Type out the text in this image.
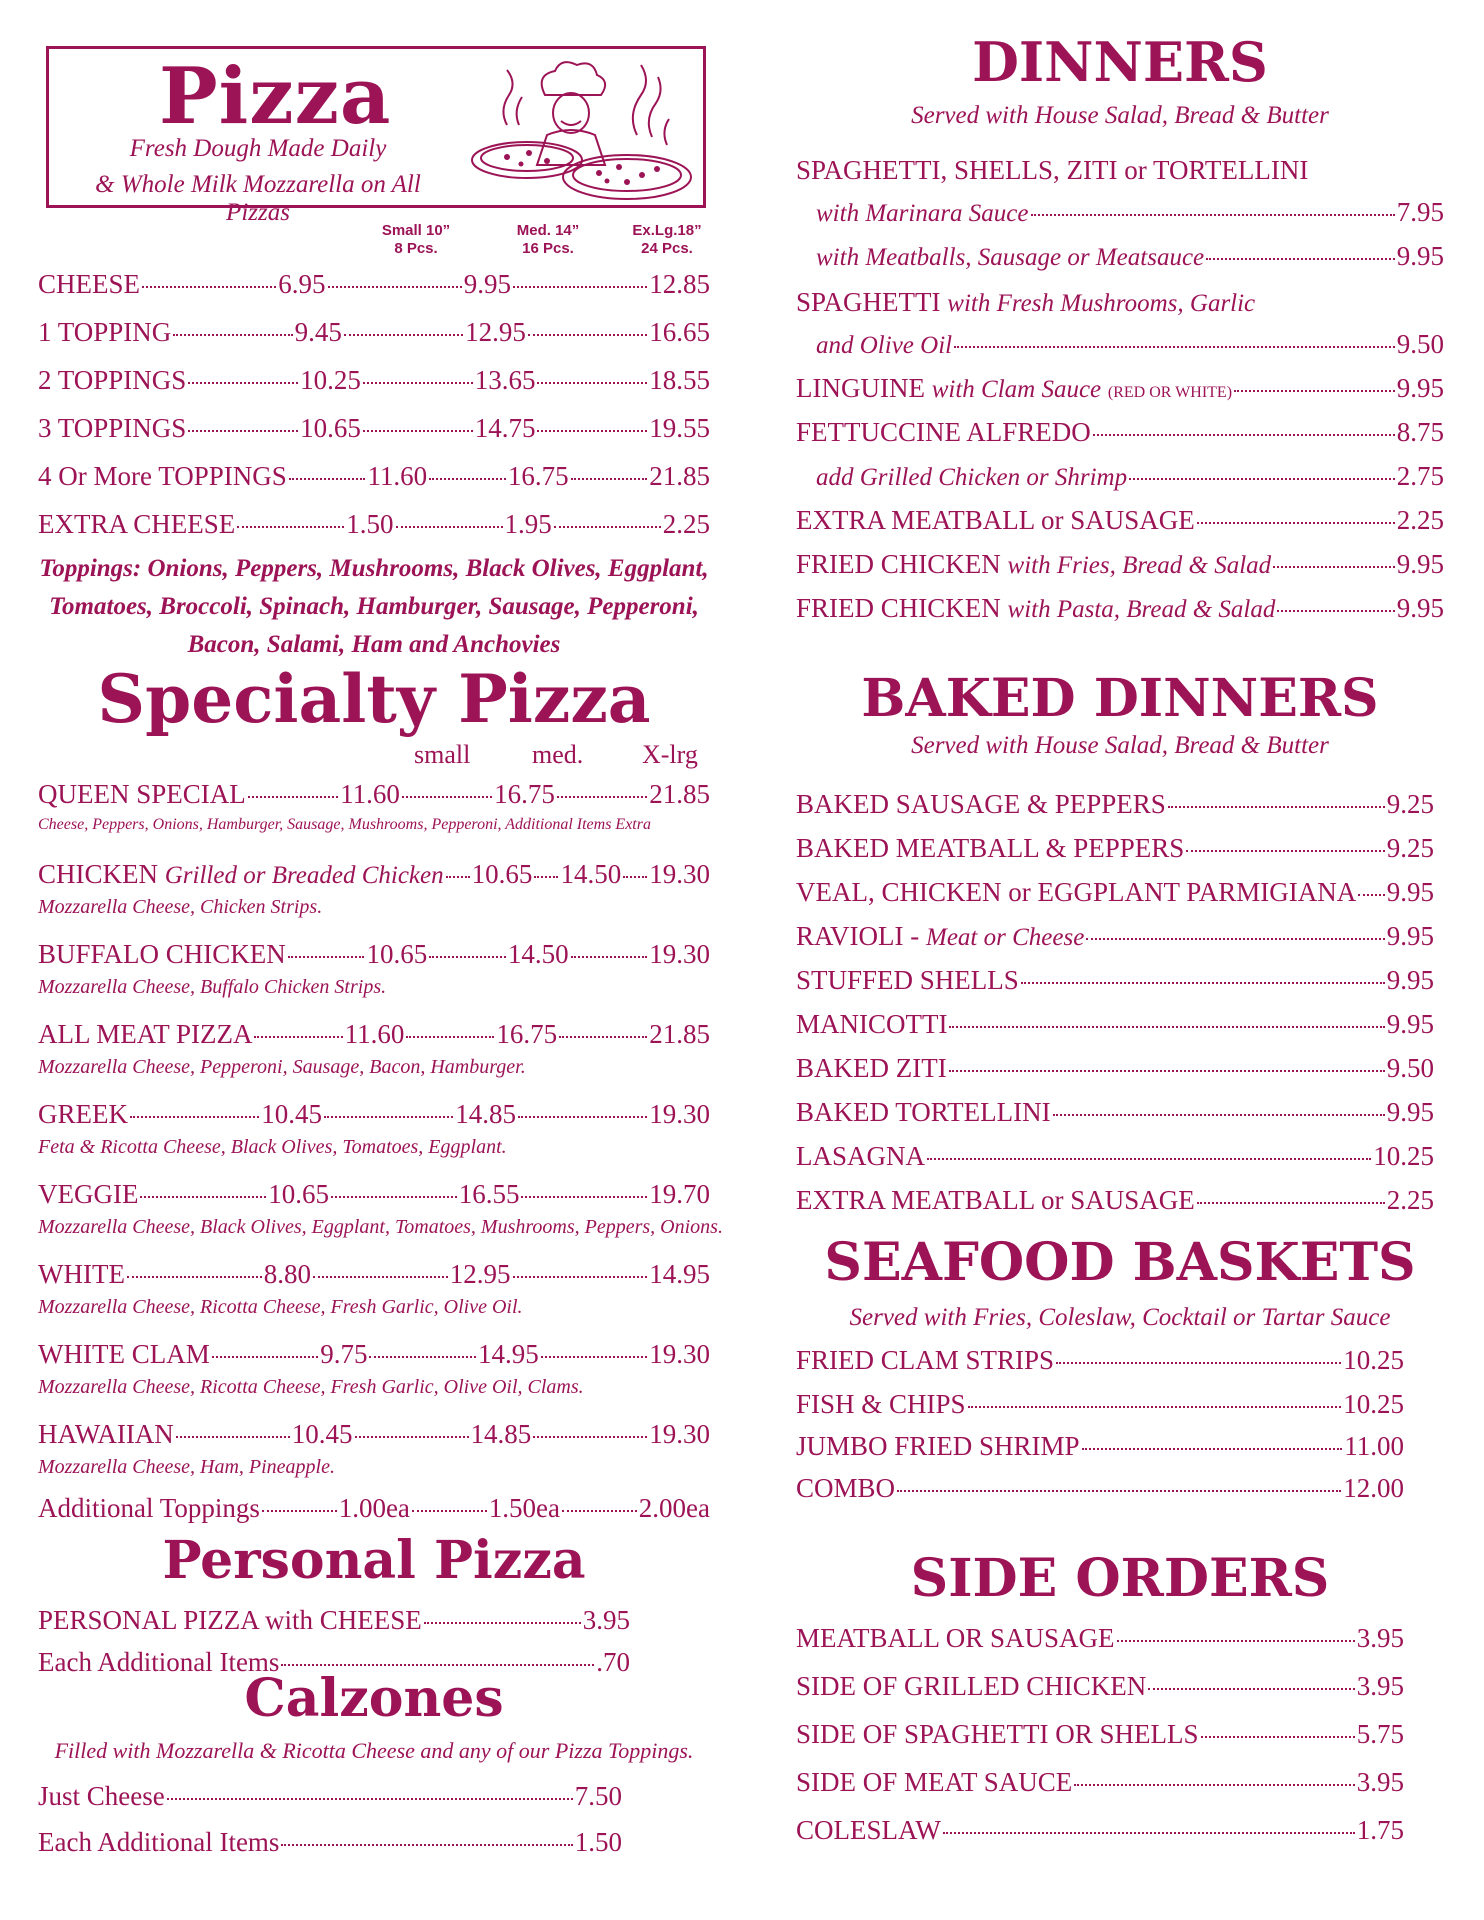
Pizza
Fresh Dough Made Daily
& Whole Milk Mozzarella on All Pizzas
Small 10”
8 Pcs.
Med. 14”
16 Pcs.
Ex.Lg.18”
24 Pcs.
CHEESE	6.95	9.95	12.85
1 TOPPING	9.45	12.95	16.65
2 TOPPINGS	10.25	13.65	18.55
3 TOPPINGS	10.65	14.75	19.55
4 Or More TOPPINGS	11.60	16.75	21.85
EXTRA CHEESE	1.50	1.95	2.25
Toppings: Onions, Peppers, Mushrooms, Black Olives, Eggplant,
Tomatoes, Broccoli, Spinach, Hamburger, Sausage, Pepperoni,
Bacon, Salami, Ham and Anchovies
Specialty Pizza
small med. X-lrg
QUEEN SPECIAL	11.60	16.75	21.85
Cheese, Peppers, Onions, Hamburger, Sausage, Mushrooms, Pepperoni, Additional Items Extra
CHICKEN Grilled or Breaded Chicken 10.65 14.50 19.30
Mozzarella Cheese, Chicken Strips.
BUFFALO CHICKEN	10.65	14.50	19.30
Mozzarella Cheese, Buffalo Chicken Strips.
ALL MEAT PIZZA	11.60	16.75	21.85
Mozzarella Cheese, Pepperoni, Sausage, Bacon, Hamburger.
GREEK	10.45	14.85	19.30
Feta & Ricotta Cheese, Black Olives, Tomatoes, Eggplant.
VEGGIE	10.65	16.55	19.70
Mozzarella Cheese, Black Olives, Eggplant, Tomatoes, Mushrooms, Peppers, Onions.
WHITE	8.80	12.95	14.95
Mozzarella Cheese, Ricotta Cheese, Fresh Garlic, Olive Oil.
WHITE CLAM	9.75	14.95	19.30
Mozzarella Cheese, Ricotta Cheese, Fresh Garlic, Olive Oil, Clams.
HAWAIIAN	10.45	14.85	19.30
Mozzarella Cheese, Ham, Pineapple.
Additional Toppings	1.00ea	1.50ea	2.00ea
Personal Pizza
PERSONAL PIZZA with CHEESE	3.95
Each Additional Items	.70
Calzones
Filled with Mozzarella & Ricotta Cheese and any of our Pizza Toppings.
Just Cheese	7.50
Each Additional Items	1.50
DINNERS
Served with House Salad, Bread & Butter
SPAGHETTI, SHELLS, ZITI or TORTELLINI
with Marinara Sauce	7.95
with Meatballs, Sausage or Meatsauce	9.95
SPAGHETTI with Fresh Mushrooms, Garlic
and Olive Oil	9.50
LINGUINE with Clam Sauce (RED OR WHITE)	9.95
FETTUCCINE ALFREDO	8.75
add Grilled Chicken or Shrimp	2.75
EXTRA MEATBALL or SAUSAGE	2.25
FRIED CHICKEN with Fries, Bread & Salad	9.95
FRIED CHICKEN with Pasta, Bread & Salad	9.95
BAKED DINNERS
Served with House Salad, Bread & Butter
BAKED SAUSAGE & PEPPERS	9.25
BAKED MEATBALL & PEPPERS	9.25
VEAL, CHICKEN or EGGPLANT PARMIGIANA 9.95
RAVIOLI - Meat or Cheese	9.95
STUFFED SHELLS	9.95
MANICOTTI	9.95
BAKED ZITI	9.50
BAKED TORTELLINI	9.95
LASAGNA	10.25
EXTRA MEATBALL or SAUSAGE	2.25
SEAFOOD BASKETS
Served with Fries, Coleslaw, Cocktail or Tartar Sauce
FRIED CLAM STRIPS	10.25
FISH & CHIPS	10.25
JUMBO FRIED SHRIMP	11.00
COMBO	12.00
SIDE ORDERS
MEATBALL OR SAUSAGE	3.95
SIDE OF GRILLED CHICKEN	3.95
SIDE OF SPAGHETTI OR SHELLS	5.75
SIDE OF MEAT SAUCE	3.95
COLESLAW	1.75
